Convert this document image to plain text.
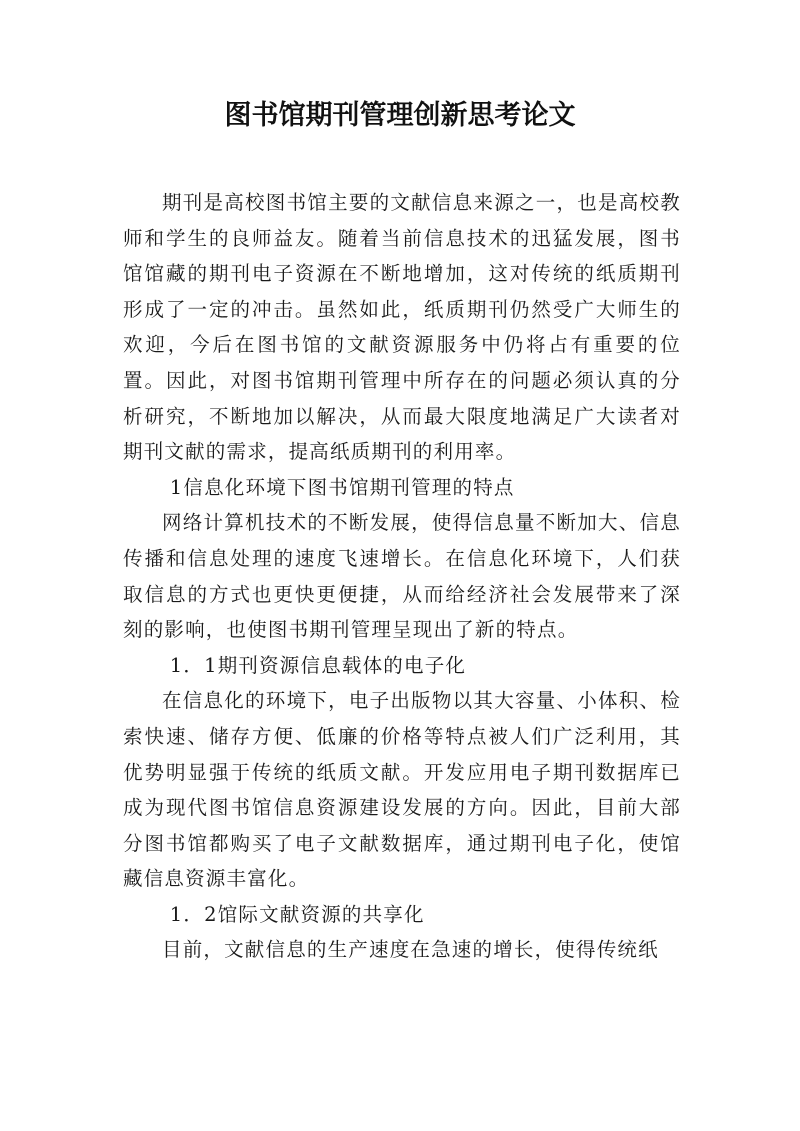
图书馆期刊管理创新思考论文

期刊是高校图书馆主要的文献信息来源之一，也是高校教师和学生的良师益友。随着当前信息技术的迅猛发展，图书馆馆藏的期刊电子资源在不断地增加，这对传统的纸质期刊形成了一定的冲击。虽然如此，纸质期刊仍然受广大师生的欢迎，今后在图书馆的文献资源服务中仍将占有重要的位置。因此，对图书馆期刊管理中所存在的问题必须认真的分析研究，不断地加以解决，从而最大限度地满足广大读者对期刊文献的需求，提高纸质期刊的利用率。

1信息化环境下图书馆期刊管理的特点

网络计算机技术的不断发展，使得信息量不断加大、信息传播和信息处理的速度飞速增长。在信息化环境下，人们获取信息的方式也更快更便捷，从而给经济社会发展带来了深刻的影响，也使图书期刊管理呈现出了新的特点。

1．1期刊资源信息载体的电子化

在信息化的环境下，电子出版物以其大容量、小体积、检索快速、储存方便、低廉的价格等特点被人们广泛利用，其优势明显强于传统的纸质文献。开发应用电子期刊数据库已成为现代图书馆信息资源建设发展的方向。因此，目前大部分图书馆都购买了电子文献数据库，通过期刊电子化，使馆藏信息资源丰富化。

1．2馆际文献资源的共享化

目前，文献信息的生产速度在急速的增长，使得传统纸
